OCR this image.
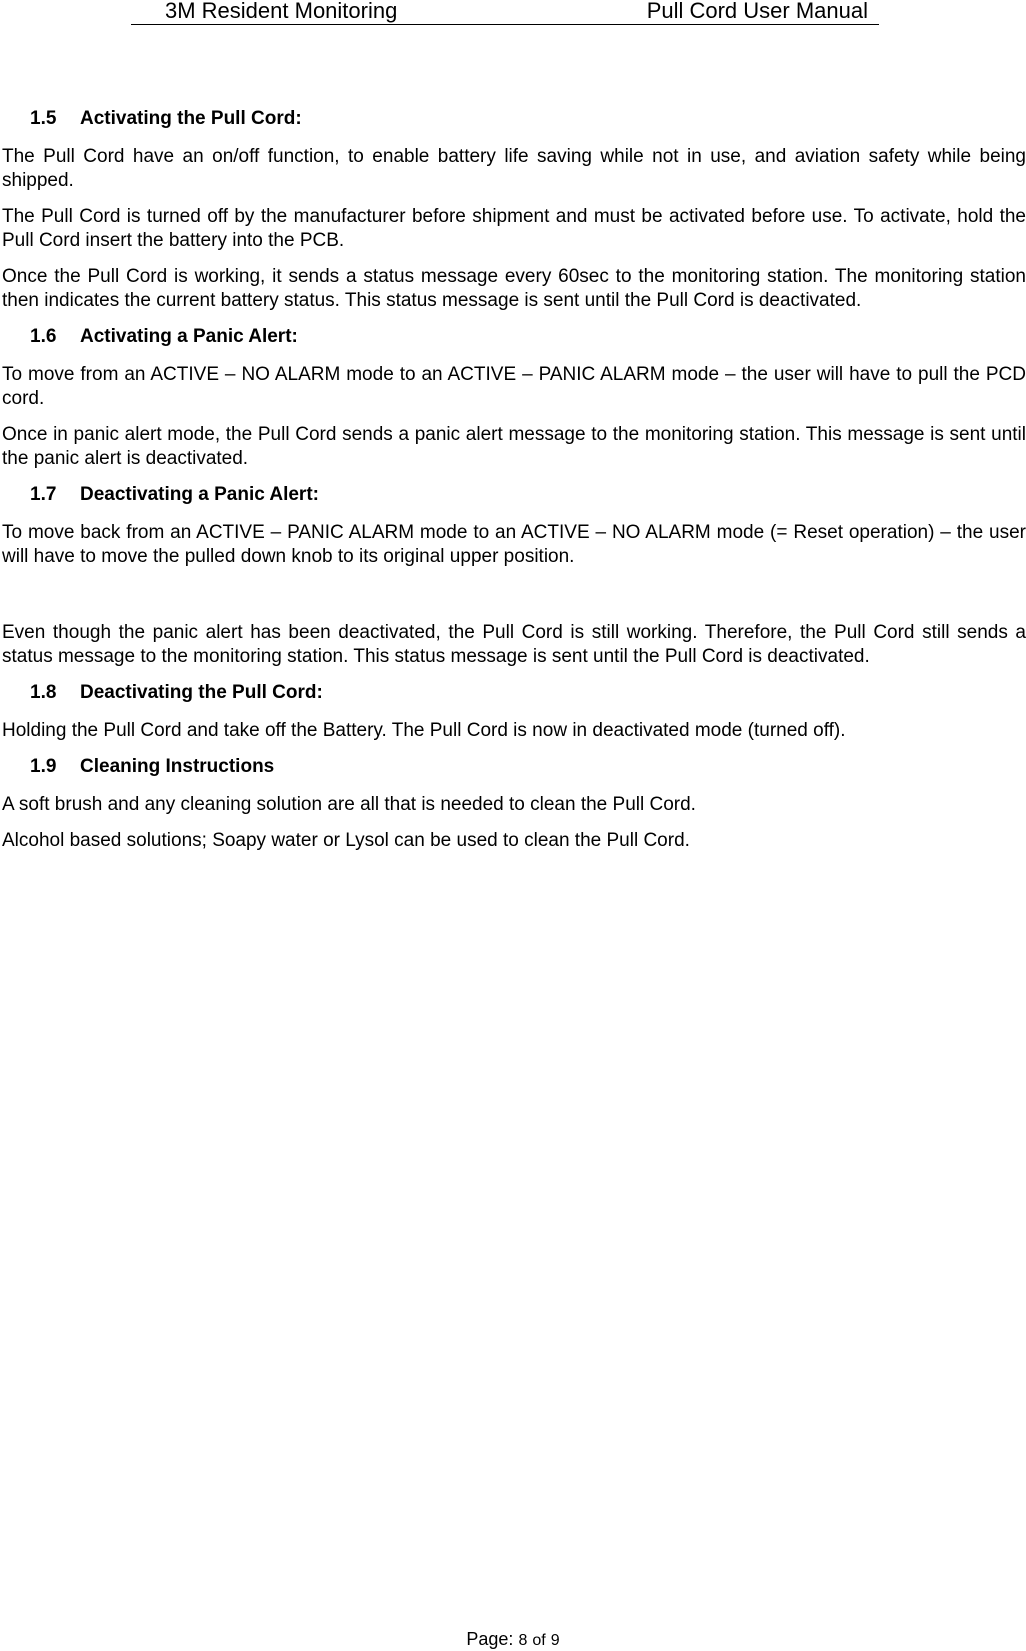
3M Resident Monitoring	Pull Cord User Manual
1.5	Activating the Pull Cord:

The Pull Cord have an on/off function, to enable battery life saving while not in use, and aviation safety while being shipped.

The Pull Cord is turned off by the manufacturer before shipment and must be activated before use. To activate, hold the Pull Cord insert the battery into the PCB.

Once the Pull Cord is working, it sends a status message every 60sec to the monitoring station. The monitoring station then indicates the current battery status. This status message is sent until the Pull Cord is deactivated.

1.6	Activating a Panic Alert:

To move from an ACTIVE – NO ALARM mode to an ACTIVE – PANIC ALARM mode – the user will have to pull the PCD cord.

Once in panic alert mode, the Pull Cord sends a panic alert message to the monitoring station. This message is sent until the panic alert is deactivated.

1.7	Deactivating a Panic Alert:

To move back from an ACTIVE – PANIC ALARM mode to an ACTIVE – NO ALARM mode (= Reset operation) – the user will have to move the pulled down knob to its original upper position.

Even though the panic alert has been deactivated, the Pull Cord is still working. Therefore, the Pull Cord still sends a status message to the monitoring station. This status message is sent until the Pull Cord is deactivated.

1.8	Deactivating the Pull Cord:

Holding the Pull Cord and take off the Battery. The Pull Cord is now in deactivated mode (turned off).

1.9	Cleaning Instructions

A soft brush and any cleaning solution are all that is needed to clean the Pull Cord.

Alcohol based solutions; Soapy water or Lysol can be used to clean the Pull Cord.

Page: 8 of 9
